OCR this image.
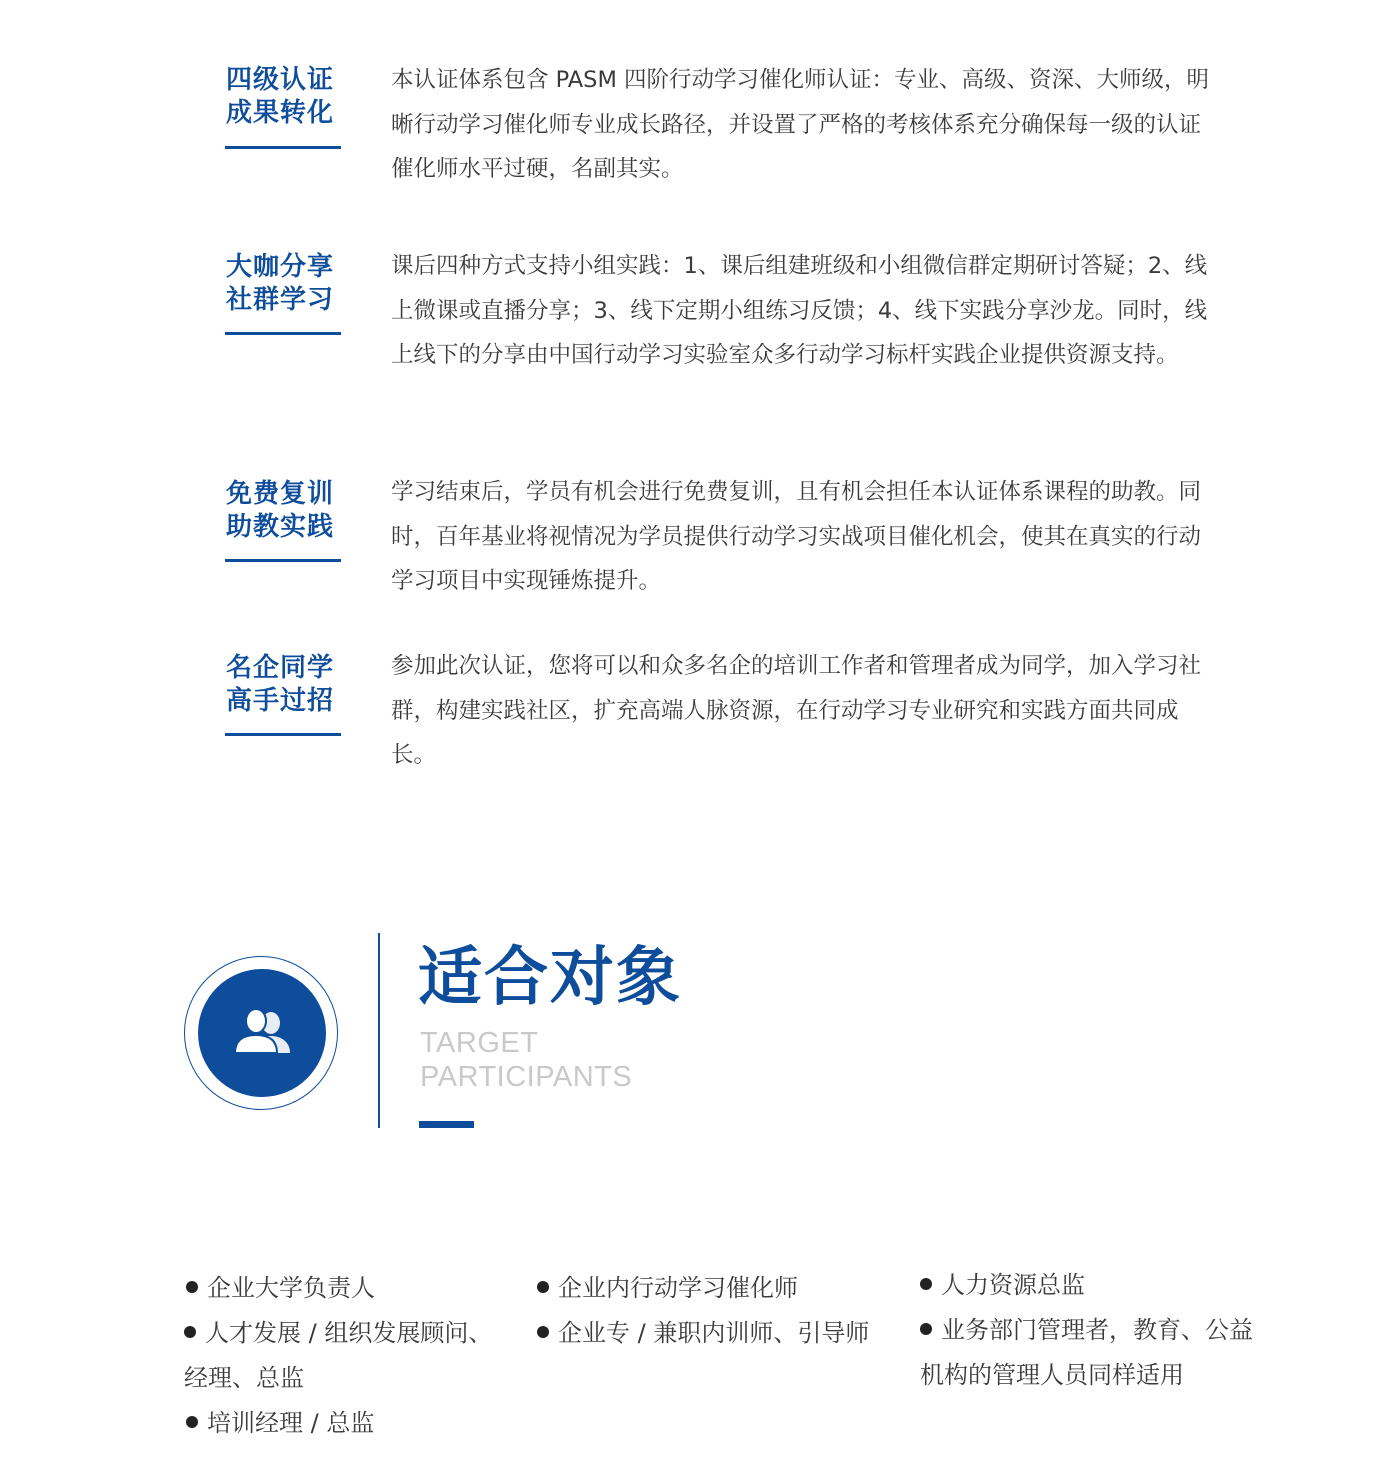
四级认证
成果转化

本认证体系包含 PASM 四阶行动学习催化师认证：专业、高级、资深、大师级，明晰行动学习催化师专业成长路径，并设置了严格的考核体系充分确保每一级的认证催化师水平过硬，名副其实。

大咖分享
社群学习

课后四种方式支持小组实践：1、课后组建班级和小组微信群定期研讨答疑；2、线上微课或直播分享；3、线下定期小组练习反馈；4、线下实践分享沙龙。同时，线上线下的分享由中国行动学习实验室众多行动学习标杆实践企业提供资源支持。

免费复训
助教实践

学习结束后，学员有机会进行免费复训，且有机会担任本认证体系课程的助教。同时，百年基业将视情况为学员提供行动学习实战项目催化机会，使其在真实的行动学习项目中实现锤炼提升。

名企同学
高手过招

参加此次认证，您将可以和众多名企的培训工作者和管理者成为同学，加入学习社群，构建实践社区，扩充高端人脉资源，在行动学习专业研究和实践方面共同成长。

适合对象
TARGET
PARTICIPANTS
企业大学负责人
人才发展 / 组织发展顾问、经理、总监
培训经理 / 总监
企业内行动学习催化师
企业专 / 兼职内训师、引导师
人力资源总监
业务部门管理者，教育、公益机构的管理人员同样适用
